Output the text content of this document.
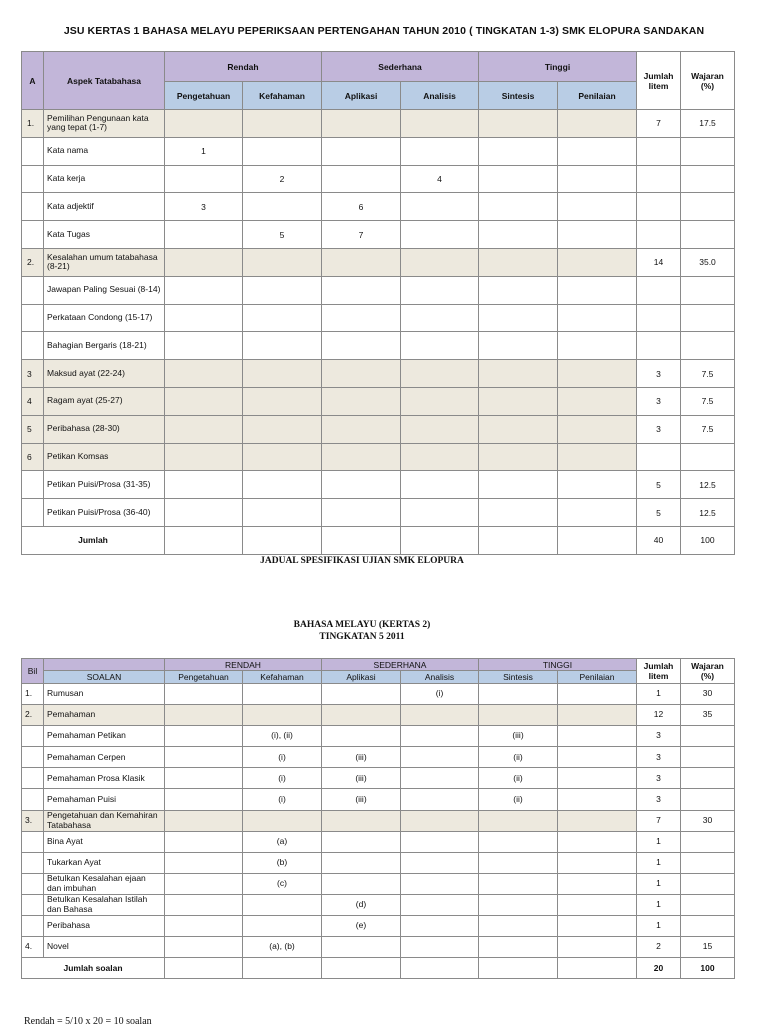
JSU KERTAS 1 BAHASA MELAYU PEPERIKSAAN PERTENGAHAN TAHUN 2010 ( TINGKATAN 1-3) SMK ELOPURA SANDAKAN
A	Aspek Tatabahasa	Rendah		Sederhana		Tinggi		Jumlah Iitem	Wajaran (%)
		Pengetahuan	Kefahaman	Aplikasi	Analisis	Sintesis	Penilaian		
1.	Pemilihan Pengunaan kata yang tepat (1-7)							7	17.5
	Kata nama	1							
	Kata kerja		2		4				
	Kata adjektif	3		6					
	Kata Tugas		5	7					
2.	Kesalahan umum tatabahasa (8-21)							14	35.0
	Jawapan Paling Sesuai (8-14)								
	Perkataan Condong (15-17)								
	Bahagian Bergaris (18-21)								
3	Maksud ayat (22-24)							3	7.5
4	Ragam ayat (25-27)							3	7.5
5	Peribahasa (28-30)							3	7.5
6	Petikan Komsas								
	Petikan Puisi/Prosa (31-35)							5	12.5
	Petikan Puisi/Prosa (36-40)							5	12.5
Jumlah								40	100
JADUAL SPESIFIKASI UJIAN SMK ELOPURA
BAHASA MELAYU (KERTAS 2)
TINGKATAN 5 2011
Bil		RENDAH		SEDERHANA		TINGGI		Jumlah Iitem	Wajaran (%)
	SOALAN	Pengetahuan	Kefahaman	Aplikasi	Analisis	Sintesis	Penilaian		
1.	Rumusan				(i)			1	30
2.	Pemahaman							12	35
	Pemahaman Petikan		(i), (ii)			(iii)		3	
	Pemahaman Cerpen		(i)	(iii)		(ii)		3	
	Pemahaman Prosa Klasik		(i)	(iii)		(ii)		3	
	Pemahaman Puisi		(i)	(iii)		(ii)		3	
3.	Pengetahuan dan Kemahiran Tatabahasa							7	30
	Bina Ayat		(a)					1	
	Tukarkan Ayat		(b)					1	
	Betulkan Kesalahan ejaan dan imbuhan		(c)					1	
	Betulkan Kesalahan Istilah dan Bahasa			(d)				1	
	Peribahasa			(e)				1	
4.	Novel		(a), (b)					2	15
Jumlah soalan								20	100
Rendah = 5/10 x 20 = 10 soalan
